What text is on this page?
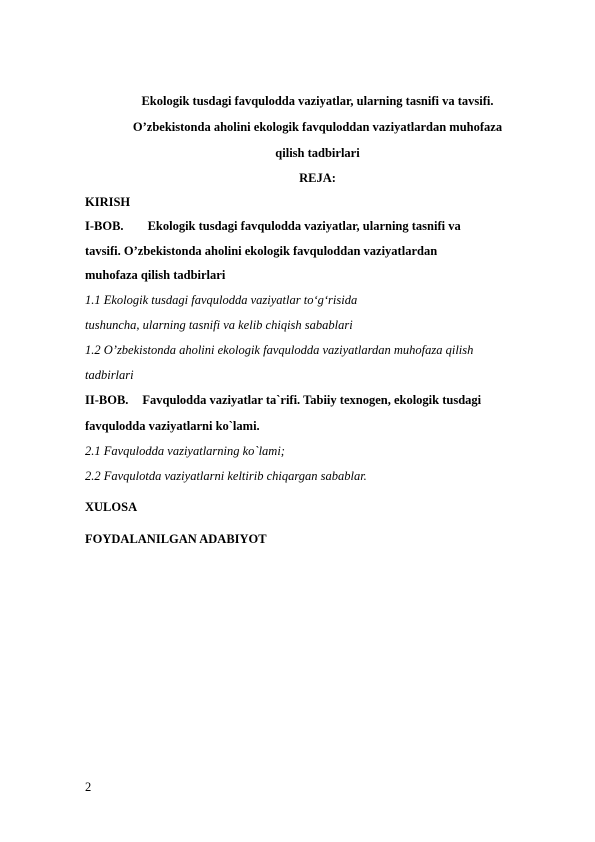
Ekologik tusdagi favqulodda vaziyatlar, ularning tasnifi va tavsifi.
O’zbekistonda aholini ekologik favquloddan vaziyatlardan muhofaza
qilish tadbirlari
REJA:
KIRISH
I-BOB. Ekologik tusdagi favqulodda vaziyatlar, ularning tasnifi va
tavsifi. O’zbekistonda aholini ekologik favquloddan vaziyatlardan
muhofaza qilish tadbirlari
1.1 Ekologik tusdagi favqulodda vaziyatlar to‘g‘risida
tushuncha, ularning tasnifi va kelib chiqish sabablari
1.2 O’zbekistonda aholini ekologik favqulodda vaziyatlardan muhofaza qilish
tadbirlari
II-BOB. Favqulodda vaziyatlar ta`rifi. Tabiiy texnogen, ekologik tusdagi
favqulodda vaziyatlarni ko`lami.
2.1 Favqulodda vaziyatlarning ko`lami;
2.2 Favqulotda vaziyatlarni keltirib chiqargan sabablar.
XULOSA
FOYDALANILGAN ADABIYOT
2
